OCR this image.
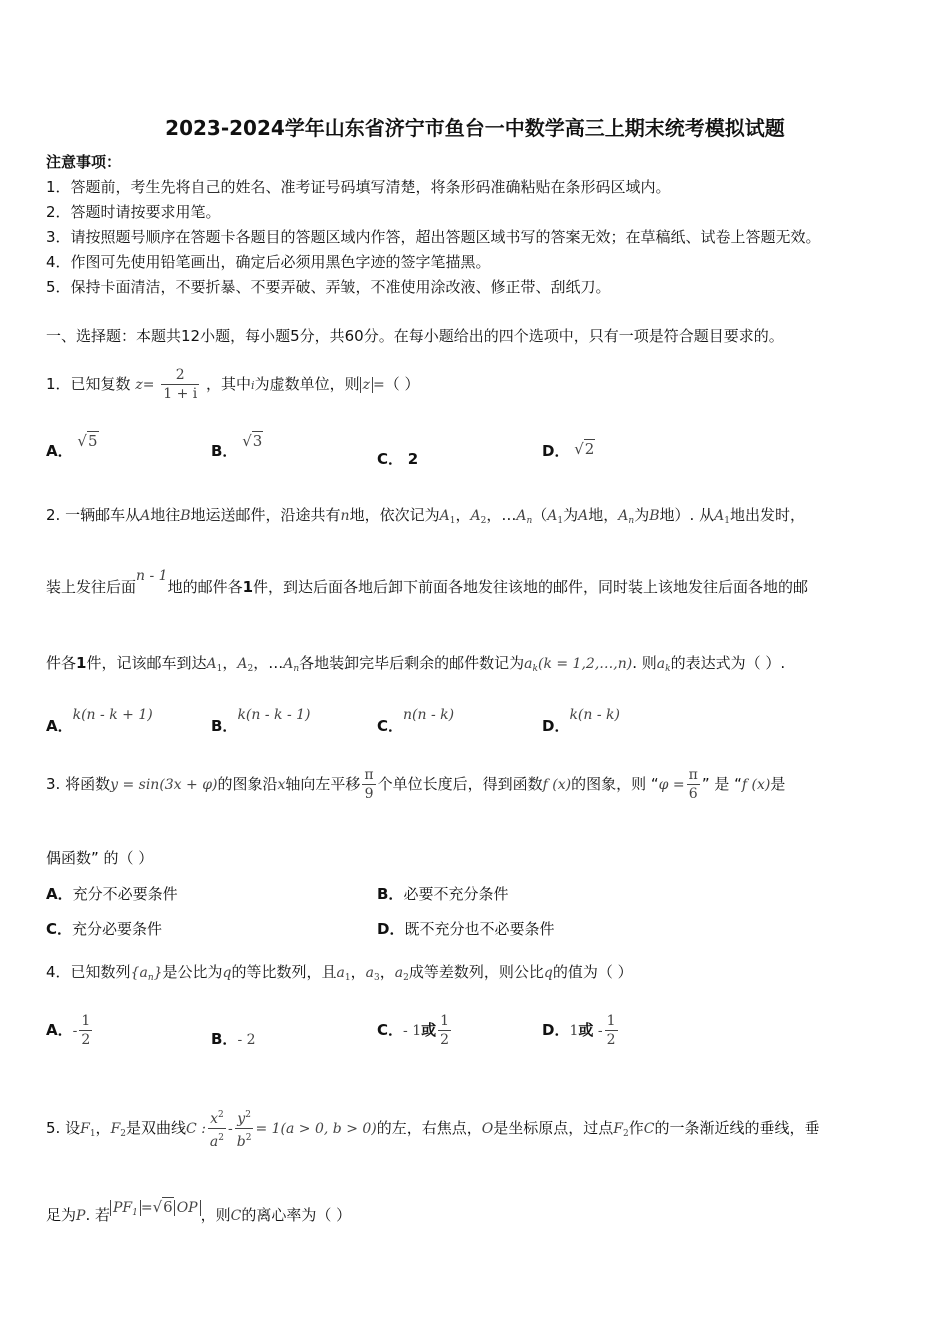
2023-2024学年山东省济宁市鱼台一中数学高三上期末统考模拟试题
注意事项：
1．答题前，考生先将自己的姓名、准考证号码填写清楚，将条形码准确粘贴在条形码区域内。
2．答题时请按要求用笔。
3．请按照题号顺序在答题卡各题目的答题区域内作答，超出答题区域书写的答案无效；在草稿纸、试卷上答题无效。
4．作图可先使用铅笔画出，确定后必须用黑色字迹的签字笔描黑。
5．保持卡面清洁，不要折暴、不要弄破、弄皱，不准使用涂改液、修正带、刮纸刀。
一、选择题：本题共12小题，每小题5分，共60分。在每小题给出的四个选项中，只有一项是符合题目要求的。
1．已知复数 $z= \frac{2}{1 + i}$ ，其中i为虚数单位，则 z =（ ）
A． √5
B． √3
C． 2	D． √2
2. 一辆邮车从A地往B地运送邮件，沿途共有n地，依次记为$A_1$，$A_2$，$\dots A_n(A_1$为A地，$A_n$为B地）. 从$A_1$地出发时，
装上发往后面n - 1地的邮件各1件，到达后面各地后卸下前面各地发往该地的邮件，同时装上该地发往后面各地的邮
件各1件，记该邮车到达$A_1$，$A_2$，$\dots A_n$各地装卸完毕后剩余的邮件数记为$a_k(k$ = 1,2,…,n). 则$a_k$的表达式为（ ）.
A．k(n - k + 1)
B．k(n - k - 1)
C．n(n - k)
D．k(n - k)
3. 将函数y = sin(3x + φ)的图象沿x轴向左平移 $\frac{\pi}{9}$ 个单位长度后，得到函数f (x)的图象，则 “$\varphi = \frac{\pi}{6}$ ” 是 “f (x)是
偶函数” 的（ ）
A．充分不必要条件	B．必要不充分条件
C．充分必要条件	D．既不充分也不必要条件
4．已知数列$\{a_n\}$是公比为q的等比数列，且$a_1$，$a_3$，$a_2$成等差数列，则公比q的值为（ ）
A．- $\frac{1}{2}$	B．- 2
C．- 1或 $\frac{1}{2}$	D．1或 - $\frac{1}{2}$
5. 设$F_1$，$F_2$是双曲线C : $\frac{x^2}{a^2} - \frac{y^2}{b^2} = 1(a > 0$, b > 0)的左，右焦点，O是坐标原点，过点$F_2$作C的一条渐近线的垂线，垂
足为P. 若 $PF_1 =√6$ OP ，则C的离心率为（ ）
